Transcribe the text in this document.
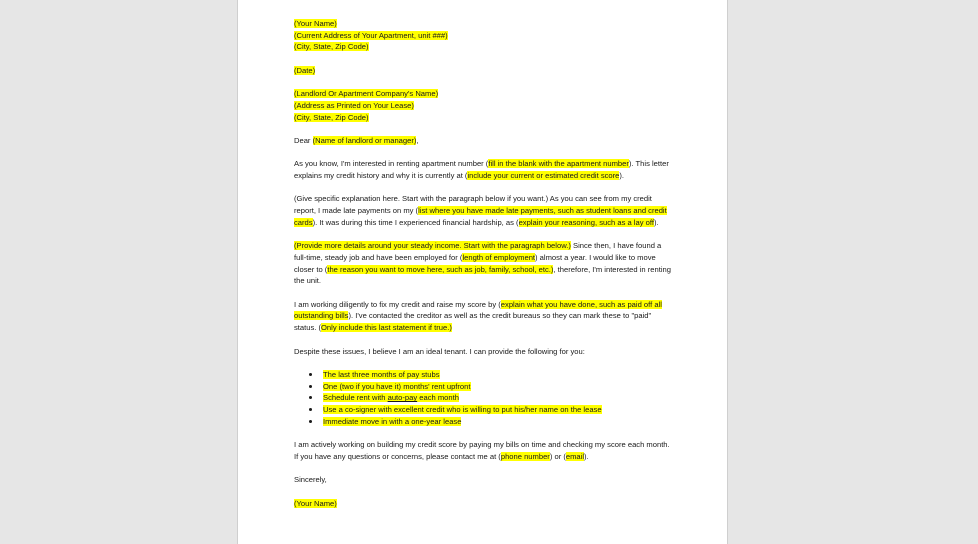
(Your Name)

(Current Address of Your Apartment, unit ###)

(City, State, Zip Code)

(Date)

(Landlord Or Apartment Company's Name)

(Address as Printed on Your Lease)

(City, State, Zip Code)

Dear (Name of landlord or manager),

As you know, I'm interested in renting apartment number (fill in the blank with the apartment number). This letter explains my credit history and why it is currently at (include your current or estimated credit score).

(Give specific explanation here. Start with the paragraph below if you want.) As you can see from my credit report, I made late payments on my (list where you have made late payments, such as student loans and credit cards). It was during this time I experienced financial hardship, as (explain your reasoning, such as a lay off).

(Provide more details around your steady income. Start with the paragraph below.) Since then, I have found a full-time, steady job and have been employed for (length of employment) almost a year. I would like to move closer to (the reason you want to move here, such as job, family, school, etc.), therefore, I'm interested in renting the unit.

I am working diligently to fix my credit and raise my score by (explain what you have done, such as paid off all outstanding bills). I've contacted the creditor as well as the credit bureaus so they can mark these to "paid" status. (Only include this last statement if true.)

Despite these issues, I believe I am an ideal tenant. I can provide the following for you:

The last three months of pay stubs
One (two if you have it) months' rent upfront
Schedule rent with auto-pay each month
Use a co-signer with excellent credit who is willing to put his/her name on the lease
Immediate move in with a one-year lease

I am actively working on building my credit score by paying my bills on time and checking my score each month. If you have any questions or concerns, please contact me at (phone number) or (email).

Sincerely,

(Your Name)
